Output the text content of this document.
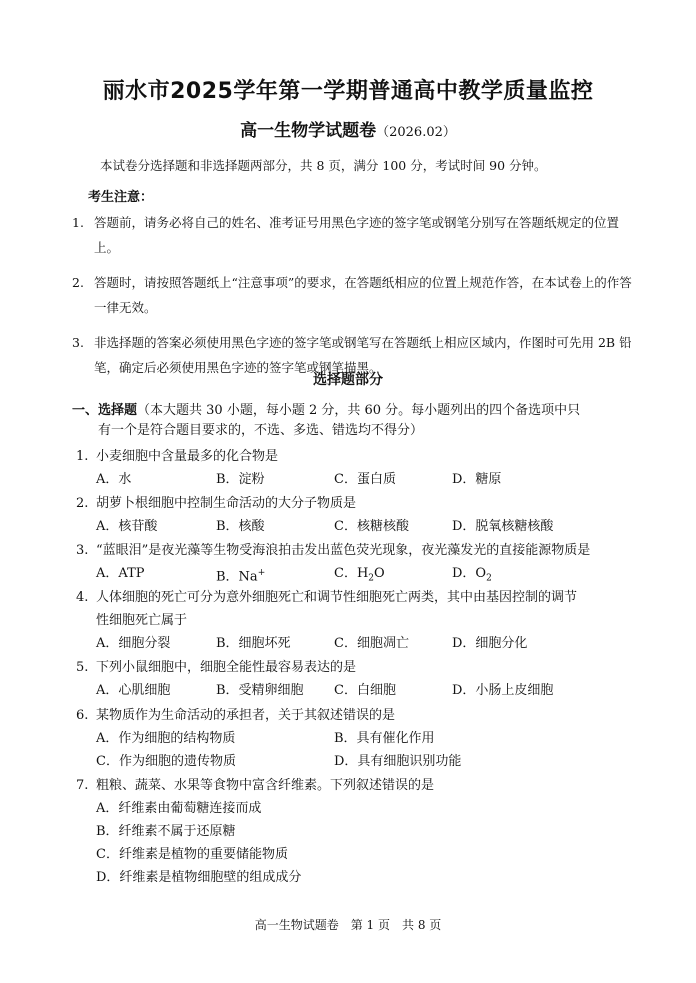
丽水市2025学年第一学期普通高中教学质量监控
高一生物学试题卷（2026.02）
本试卷分选择题和非选择题两部分，共 8 页，满分 100 分，考试时间 90 分钟。
考生注意：
1. 答题前，请务必将自己的姓名、准考证号用黑色字迹的签字笔或钢笔分别写在答题纸规定的位置上。
2. 答题时，请按照答题纸上“注意事项”的要求，在答题纸相应的位置上规范作答，在本试卷上的作答一律无效。
3. 非选择题的答案必须使用黑色字迹的签字笔或钢笔写在答题纸上相应区域内，作图时可先用 2B 铅笔，确定后必须使用黑色字迹的签字笔或钢笔描黑。
选择题部分
一、选择题（本大题共 30 小题，每小题 2 分，共 60 分。每小题列出的四个备选项中只
有一个是符合题目要求的，不选、多选、错选均不得分）
1. 小麦细胞中含量最多的化合物是
A．水	B．淀粉	C．蛋白质	D．糖原
2. 胡萝卜根细胞中控制生命活动的大分子物质是
A．核苷酸	B．核酸	C．核糖核酸	D．脱氧核糖核酸
3. “蓝眼泪”是夜光藻等生物受海浪拍击发出蓝色荧光现象，夜光藻发光的直接能源物质是
A．ATP	B．Na+	C．$H_2O$	D．$O_2$
4. 人体细胞的死亡可分为意外细胞死亡和调节性细胞死亡两类，其中由基因控制的调节
性细胞死亡属于
A．细胞分裂	B．细胞坏死	C．细胞凋亡	D．细胞分化
5. 下列小鼠细胞中，细胞全能性最容易表达的是
A．心肌细胞	B．受精卵细胞 C．白细胞	D．小肠上皮细胞
6. 某物质作为生命活动的承担者，关于其叙述错误的是
A．作为细胞的结构物质	B．具有催化作用
C．作为细胞的遗传物质	D．具有细胞识别功能
7. 粗粮、蔬菜、水果等食物中富含纤维素。下列叙述错误的是
A．纤维素由葡萄糖连接而成
B．纤维素不属于还原糖
C．纤维素是植物的重要储能物质
D．纤维素是植物细胞壁的组成成分
高一生物试题卷　第 1 页　共 8 页
